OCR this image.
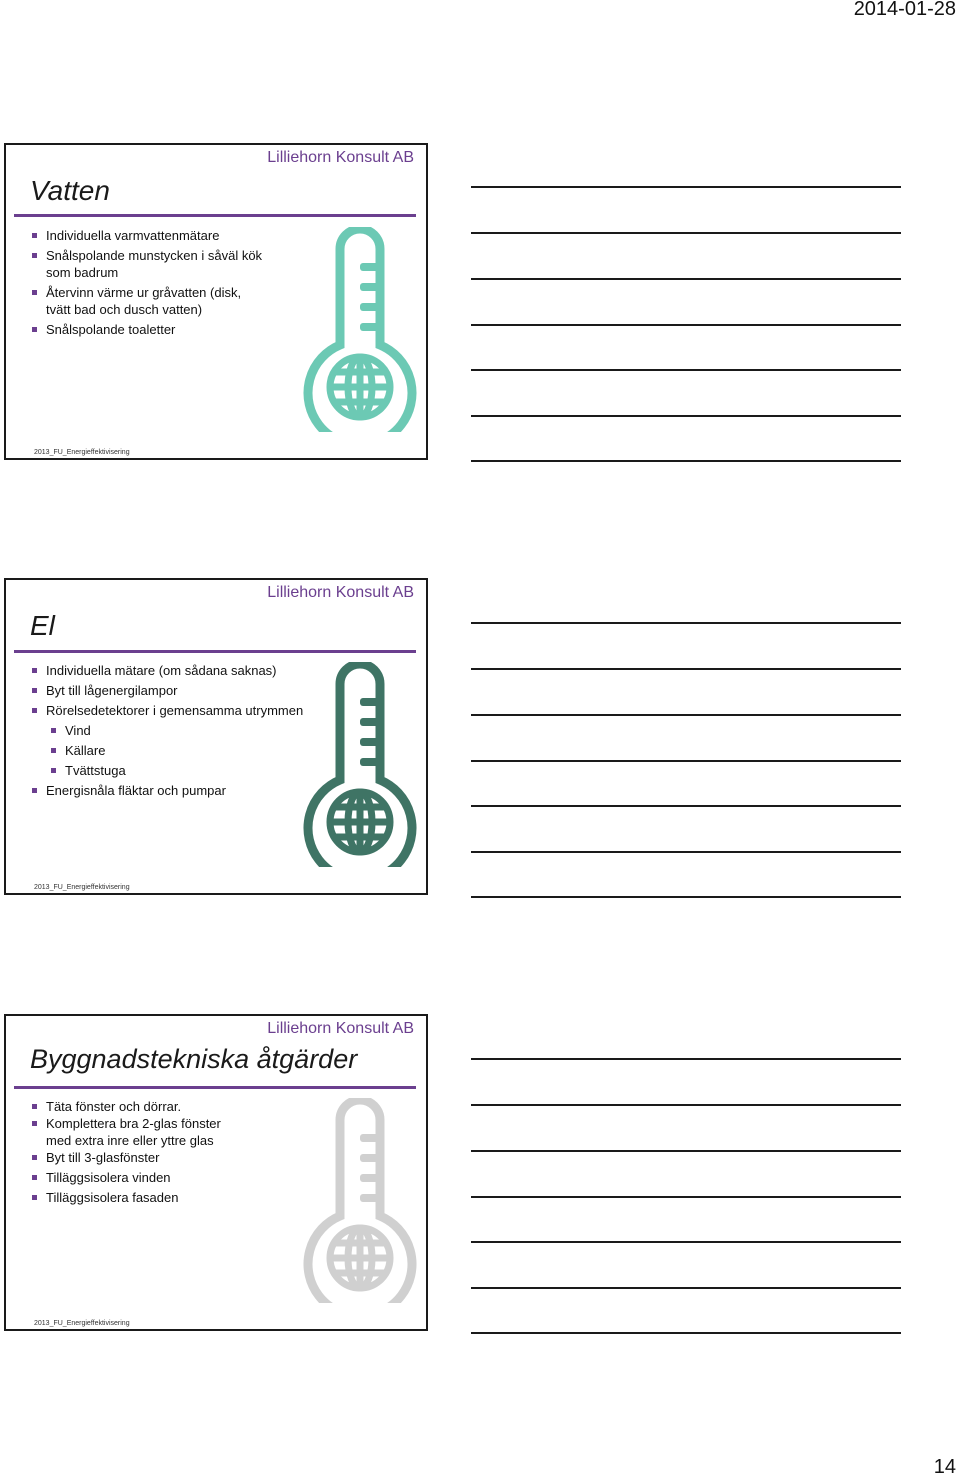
2014-01-28
Lilliehorn Konsult AB
Vatten
Individuella varmvattenmätare
Snålspolande munstycken i såväl kök
som badrum
Återvinn värme ur gråvatten (disk,
tvätt bad och dusch vatten)
Snålspolande toaletter
2013_FU_Energieffektivisering
Lilliehorn Konsult AB
El
Individuella mätare (om sådana saknas)
Byt till lågenergilampor
Rörelsedetektorer i gemensamma utrymmen
Vind
Källare
Tvättstuga
Energisnåla fläktar och pumpar
2013_FU_Energieffektivisering
Lilliehorn Konsult AB
Byggnadstekniska åtgärder
Täta fönster och dörrar.
Komplettera bra 2-glas fönster
med extra inre eller yttre glas
Byt till 3-glasfönster
Tilläggsisolera vinden
Tilläggsisolera fasaden
2013_FU_Energieffektivisering
14
